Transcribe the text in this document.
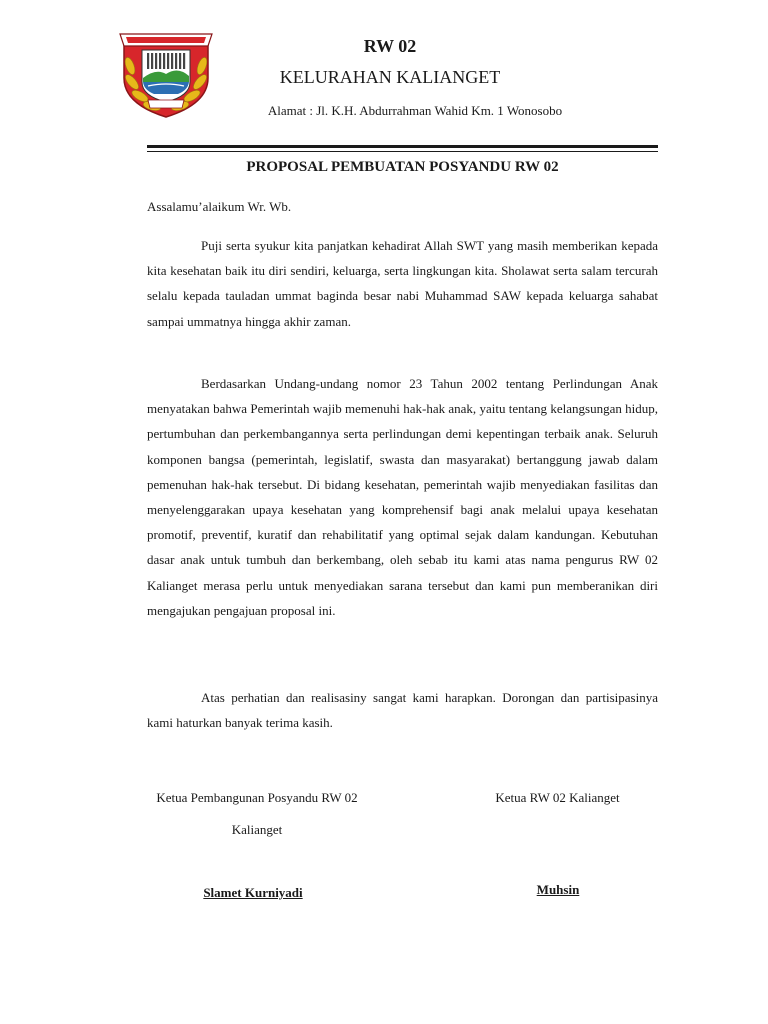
RW 02
KELURAHAN KALIANGET
Alamat : Jl. K.H. Abdurrahman Wahid Km. 1 Wonosobo
PROPOSAL PEMBUATAN POSYANDU RW 02
Assalamu’alaikum Wr. Wb.

Puji serta syukur kita panjatkan kehadirat Allah SWT yang masih memberikan kepada kita kesehatan baik itu diri sendiri, keluarga, serta lingkungan kita. Sholawat serta salam tercurah selalu kepada tauladan ummat baginda besar nabi Muhammad SAW kepada keluarga sahabat sampai ummatnya hingga akhir zaman.

Berdasarkan Undang-undang nomor 23 Tahun 2002 tentang Perlindungan Anak menyatakan bahwa Pemerintah wajib memenuhi hak-hak anak, yaitu tentang kelangsungan hidup, pertumbuhan dan perkembangannya serta perlindungan demi kepentingan terbaik anak. Seluruh komponen bangsa (pemerintah, legislatif, swasta dan masyarakat) bertanggung jawab dalam pemenuhan hak-hak tersebut. Di bidang kesehatan, pemerintah wajib menyediakan fasilitas dan menyelenggarakan upaya kesehatan yang komprehensif bagi anak melalui upaya kesehatan promotif, preventif, kuratif dan rehabilitatif yang optimal sejak dalam kandungan. Kebutuhan dasar anak untuk tumbuh dan berkembang, oleh sebab itu kami atas nama pengurus RW 02 Kalianget merasa perlu untuk menyediakan sarana tersebut dan kami pun memberanikan diri mengajukan pengajuan proposal ini.

Atas perhatian dan realisasiny sangat kami harapkan. Dorongan dan partisipasinya kami haturkan banyak terima kasih.

Ketua Pembangunan Posyandu RW 02
Kalianget
Ketua RW 02 Kalianget
Slamet Kurniyadi	Muhsin
